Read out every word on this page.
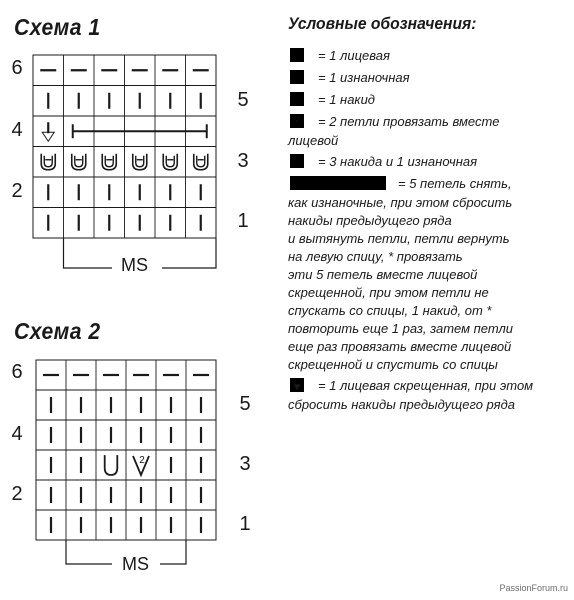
Схема 1
6
4
2
5
3
1
MS
Схема 2
2
6
4
2
5
3
1
MS
Условные обозначения:
= 1 лицевая
= 1 изнаночная
= 1 накид
2 = 2 петли провязать вместе
лицевой
= 3 накида и 1 изнаночная
= 5 петель снять,
как изнаночные, при этом сбросить
накиды предыдущего ряда
и вытянуть петли, петли вернуть
на левую спицу, * провязать
эти 5 петель вместе лицевой
скрещенной, при этом петли не
спускать со спицы, 1 накид, от *
повторить еще 1 раз, затем петли
еще раз провязать вместе лицевой
скрещенной и спустить со спицы
= 1 лицевая скрещенная, при этом
сбросить накиды предыдущего ряда
PassionForum.ru
